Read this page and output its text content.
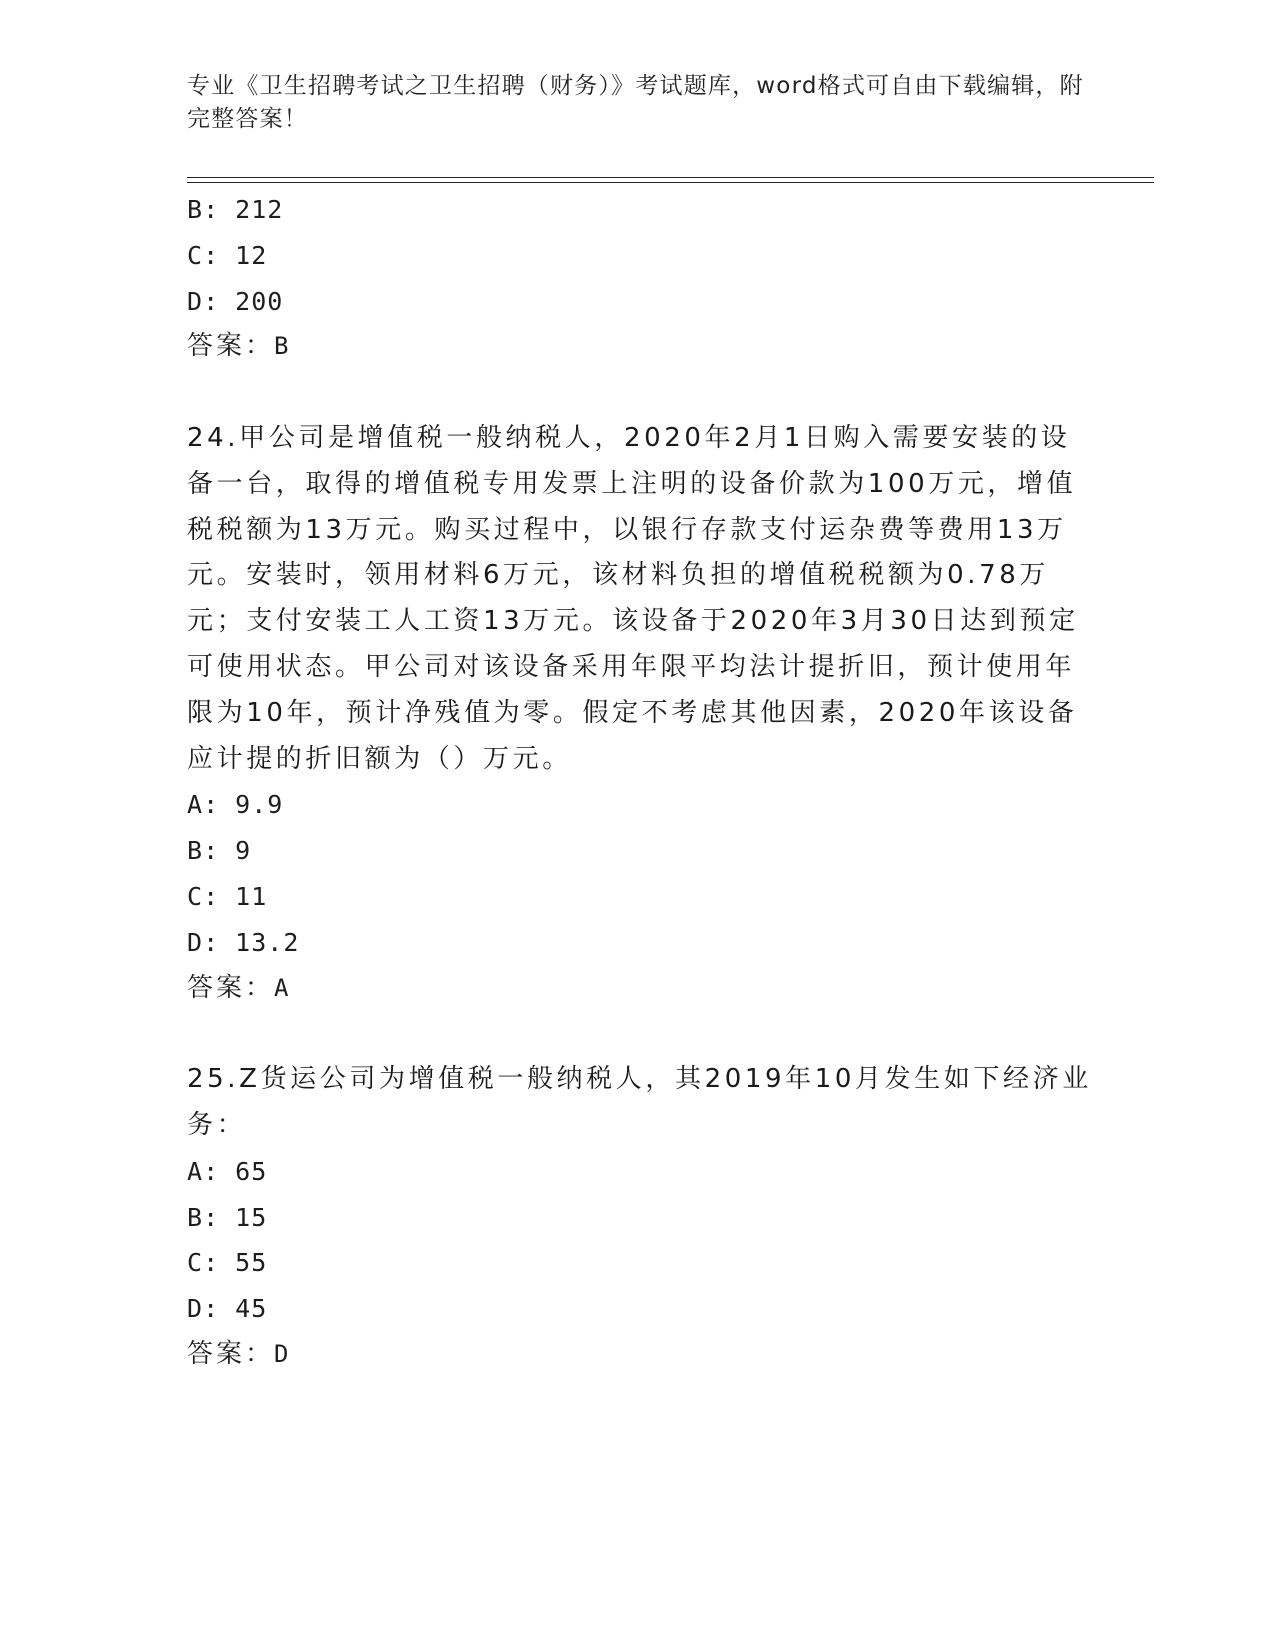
专业《卫生招聘考试之卫生招聘（财务）》考试题库，word格式可自由下载编辑，附完整答案！
B: 212
C: 12
D: 200
答案：B
24.甲公司是增值税一般纳税人，2020年2月1日购入需要安装的设备一台，取得的增值税专用发票上注明的设备价款为100万元，增值税税额为13万元。购买过程中，以银行存款支付运杂费等费用13万元。安装时，领用材料6万元，该材料负担的增值税税额为0.78万元；支付安装工人工资13万元。该设备于2020年3月30日达到预定可使用状态。甲公司对该设备采用年限平均法计提折旧，预计使用年限为10年，预计净残值为零。假定不考虑其他因素，2020年该设备应计提的折旧额为（）万元。
A: 9.9
B: 9
C: 11
D: 13.2
答案：A
25.Z货运公司为增值税一般纳税人，其2019年10月发生如下经济业务：
A: 65
B: 15
C: 55
D: 45
答案：D
